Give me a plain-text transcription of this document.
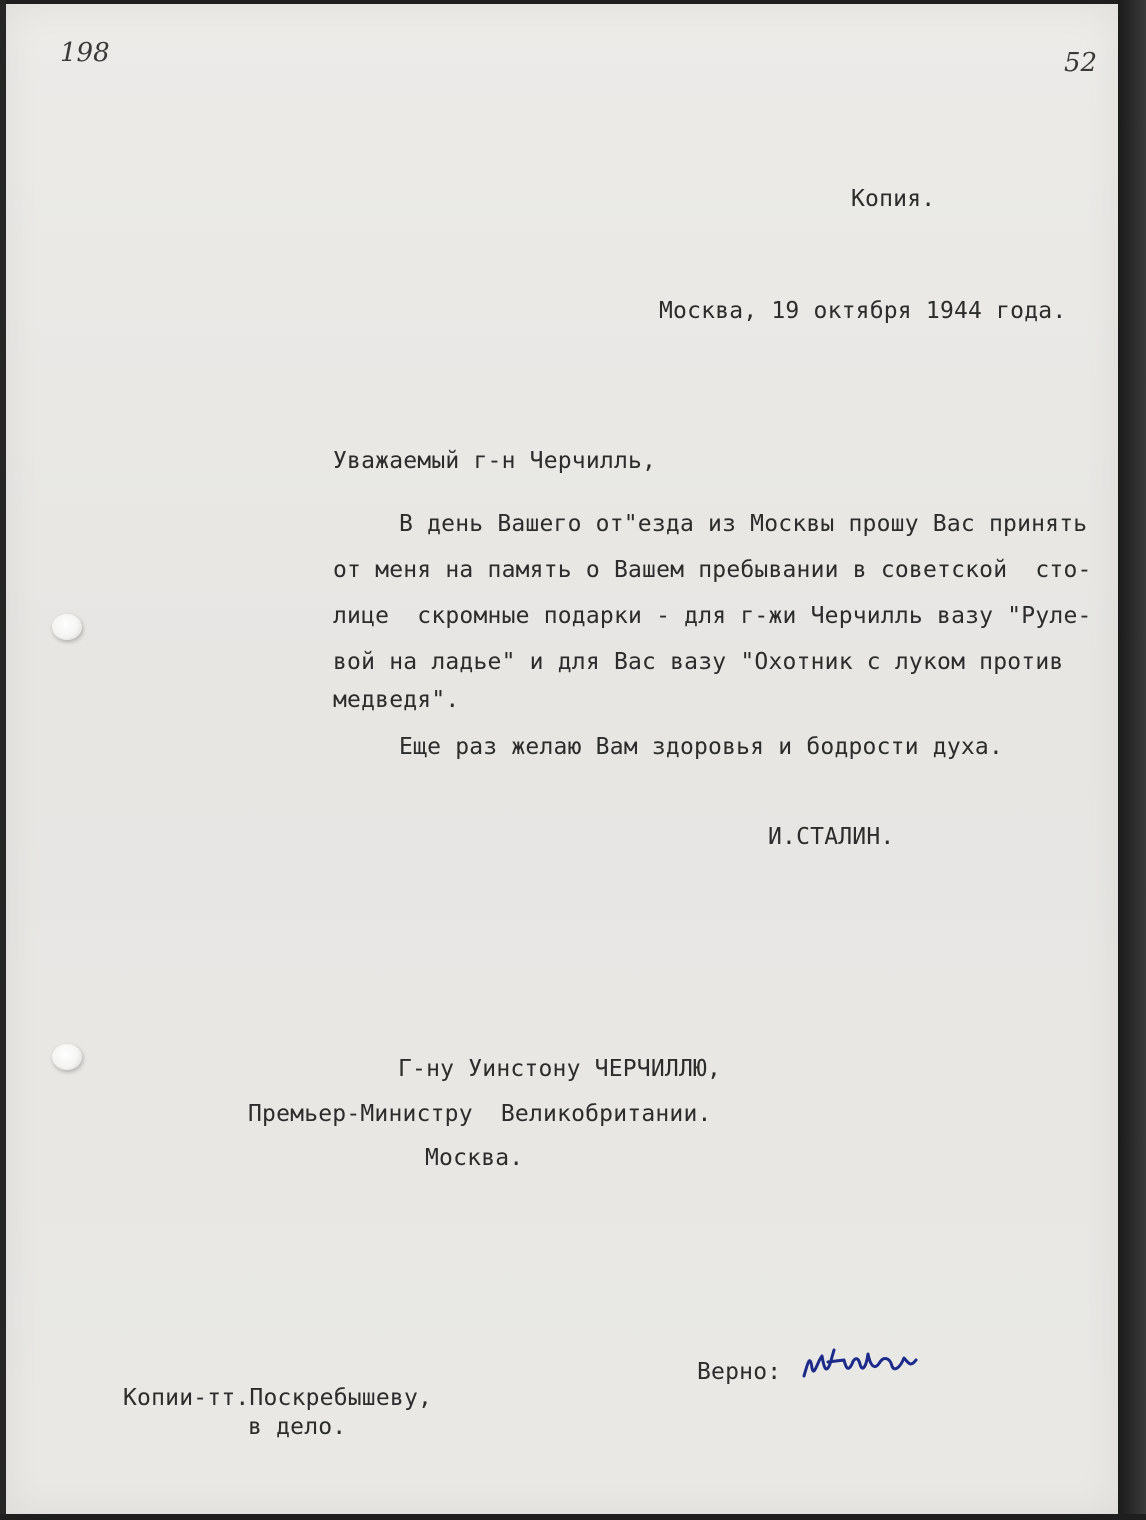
198	52

Копия.

Москва, 19 октября 1944 года.

Уважаемый г-н Черчилль,

В день Вашего от"езда из Москвы прошу Вас принять

от меня на память о Вашем пребывании в советской  сто-

лице  скромные подарки - для г-жи Черчилль вазу "Руле-

вой на ладье" и для Вас вазу "Охотник с луком против

медведя".

Еще раз желаю Вам здоровья и бодрости духа.

И.СТАЛИН.

Г-ну Уинстону ЧЕРЧИЛЛЮ,

Премьер-Министру  Великобритании.

Москва.

Верно:

Копии-тт.Поскребышеву,

в дело.
